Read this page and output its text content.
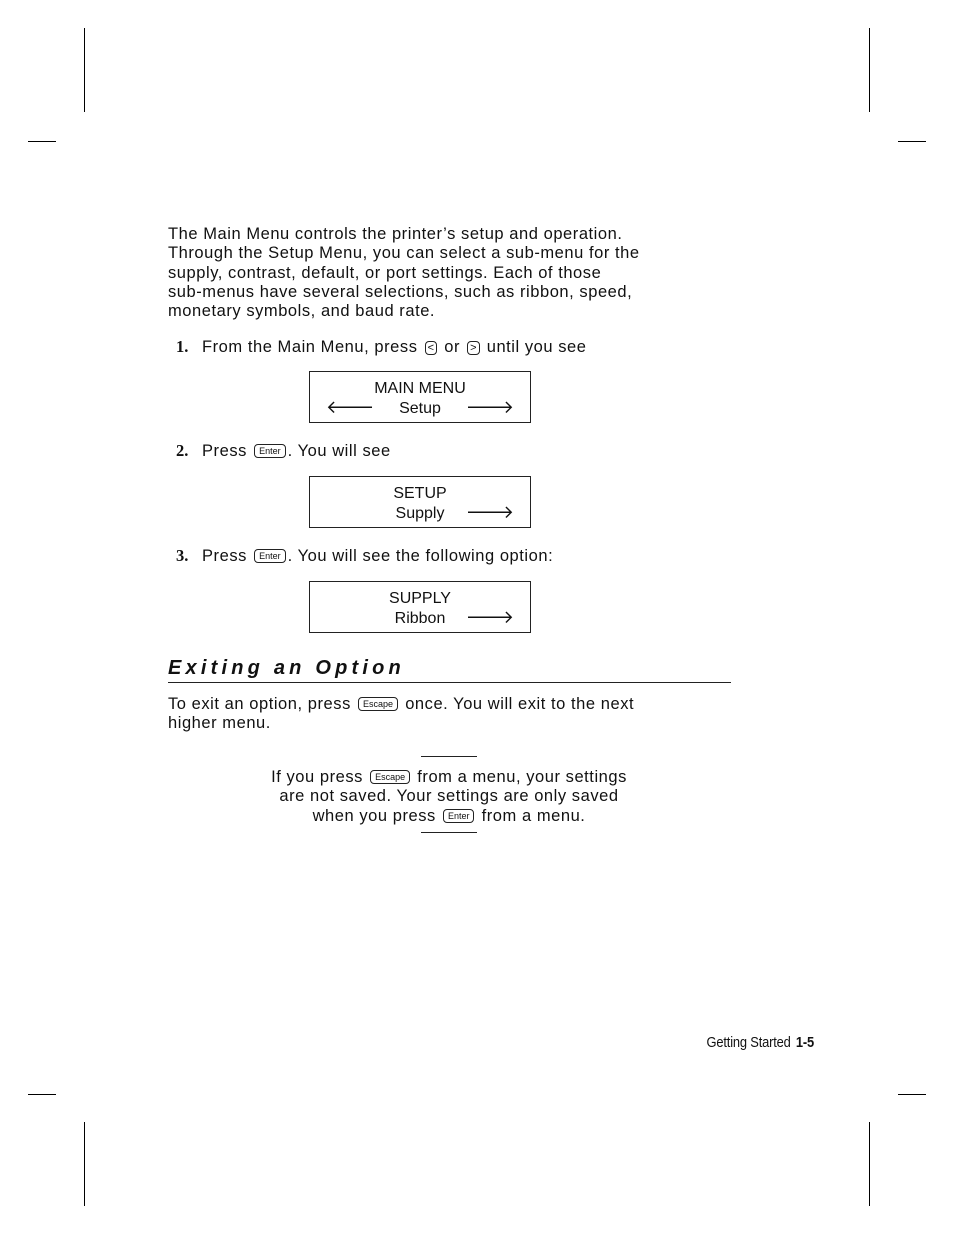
The Main Menu controls the printer’s setup and operation.
Through the Setup Menu, you can select a sub-menu for the
supply, contrast, default, or port settings. Each of those
sub-menus have several selections, such as ribbon, speed,
monetary symbols, and baud rate.
1. From the Main Menu, press < or > until you see
MAIN MENU
Setup
🡐	🡒
2. Press Enter . You will see
SETUP
Supply	🡒
3. Press Enter . You will see the following option:
SUPPLY
Ribbon	🡒
Exiting an Option
To exit an option, press Escape once. You will exit to the next
higher menu.
If you press Escape from a menu, your settings
are not saved. Your settings are only saved
when you press Enter from a menu.
Getting Started 1-5
